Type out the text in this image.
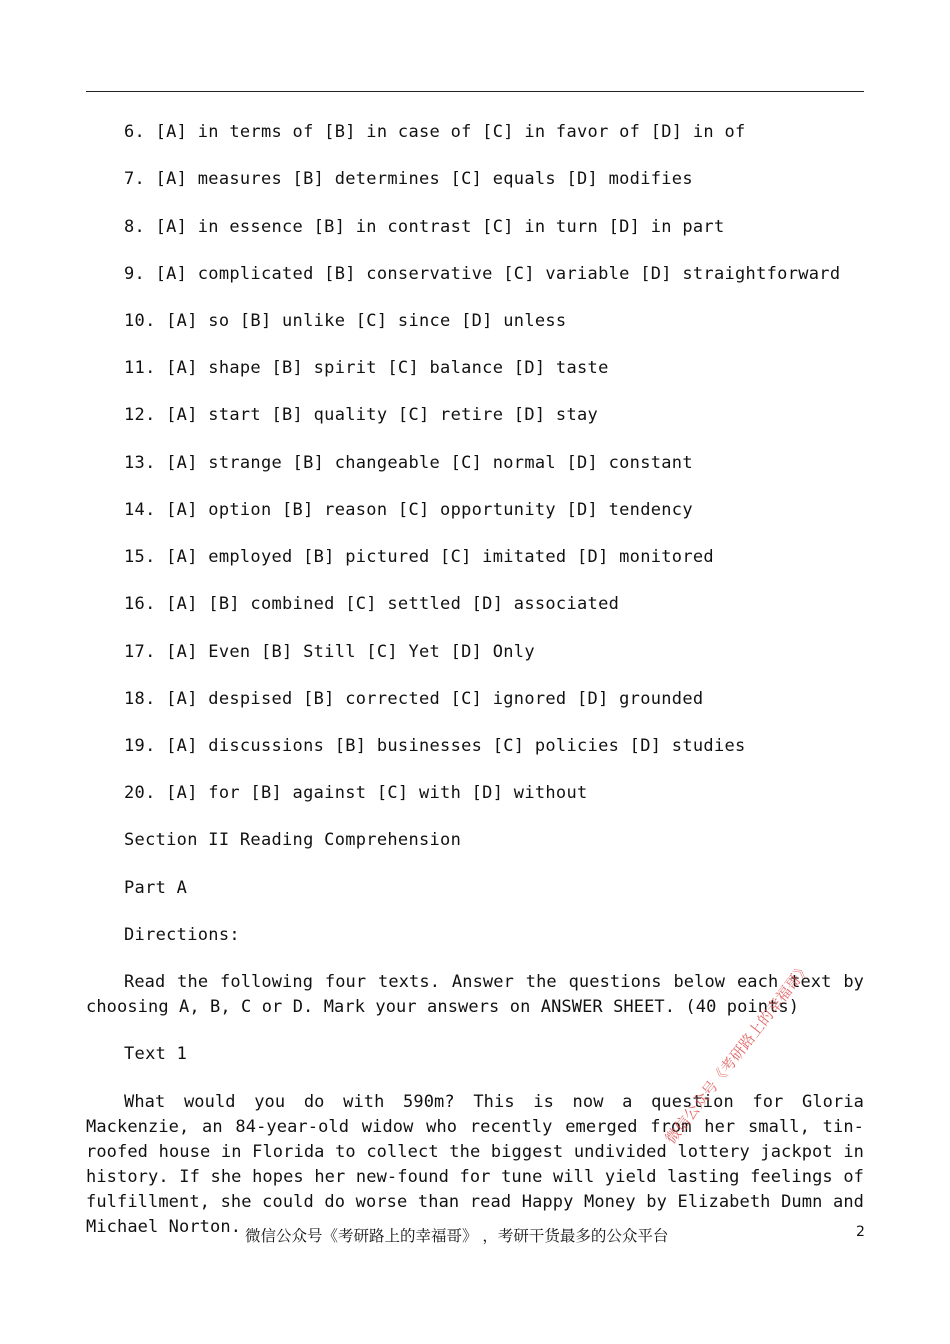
6. [A] in terms of [B] in case of [C] in favor of [D] in of
7. [A] measures [B] determines [C] equals [D] modifies
8. [A] in essence [B] in contrast [C] in turn [D] in part
9. [A] complicated [B] conservative [C] variable [D] straightforward
10. [A] so [B] unlike [C] since [D] unless
11. [A] shape [B] spirit [C] balance [D] taste
12. [A] start [B] quality [C] retire [D] stay
13. [A] strange [B] changeable [C] normal [D] constant
14. [A] option [B] reason [C] opportunity [D] tendency
15. [A] employed [B] pictured [C] imitated [D] monitored
16. [A] [B] combined [C] settled [D] associated
17. [A] Even [B] Still [C] Yet [D] Only
18. [A] despised [B] corrected [C] ignored [D] grounded
19. [A] discussions [B] businesses [C] policies [D] studies
20. [A] for [B] against [C] with [D] without
Section II Reading Comprehension
Part A
Directions:
Read the following four texts. Answer the questions below each text by choosing A, B, C or D. Mark your answers on ANSWER SHEET. (40 points)
Text 1
What would you do with 590m? This is now a question for Gloria Mackenzie, an 84-year-old widow who recently emerged from her small, tin-roofed house in Florida to collect the biggest undivided lottery jackpot in history. If she hopes her new-found for tune will yield lasting feelings of fulfillment, she could do worse than read Happy Money by Elizabeth Dumn and Michael Norton. 微信公众号《考研路上的幸福哥》 ，考研干货最多的公众平台	2
微信公众号《考研路上的幸福哥》
